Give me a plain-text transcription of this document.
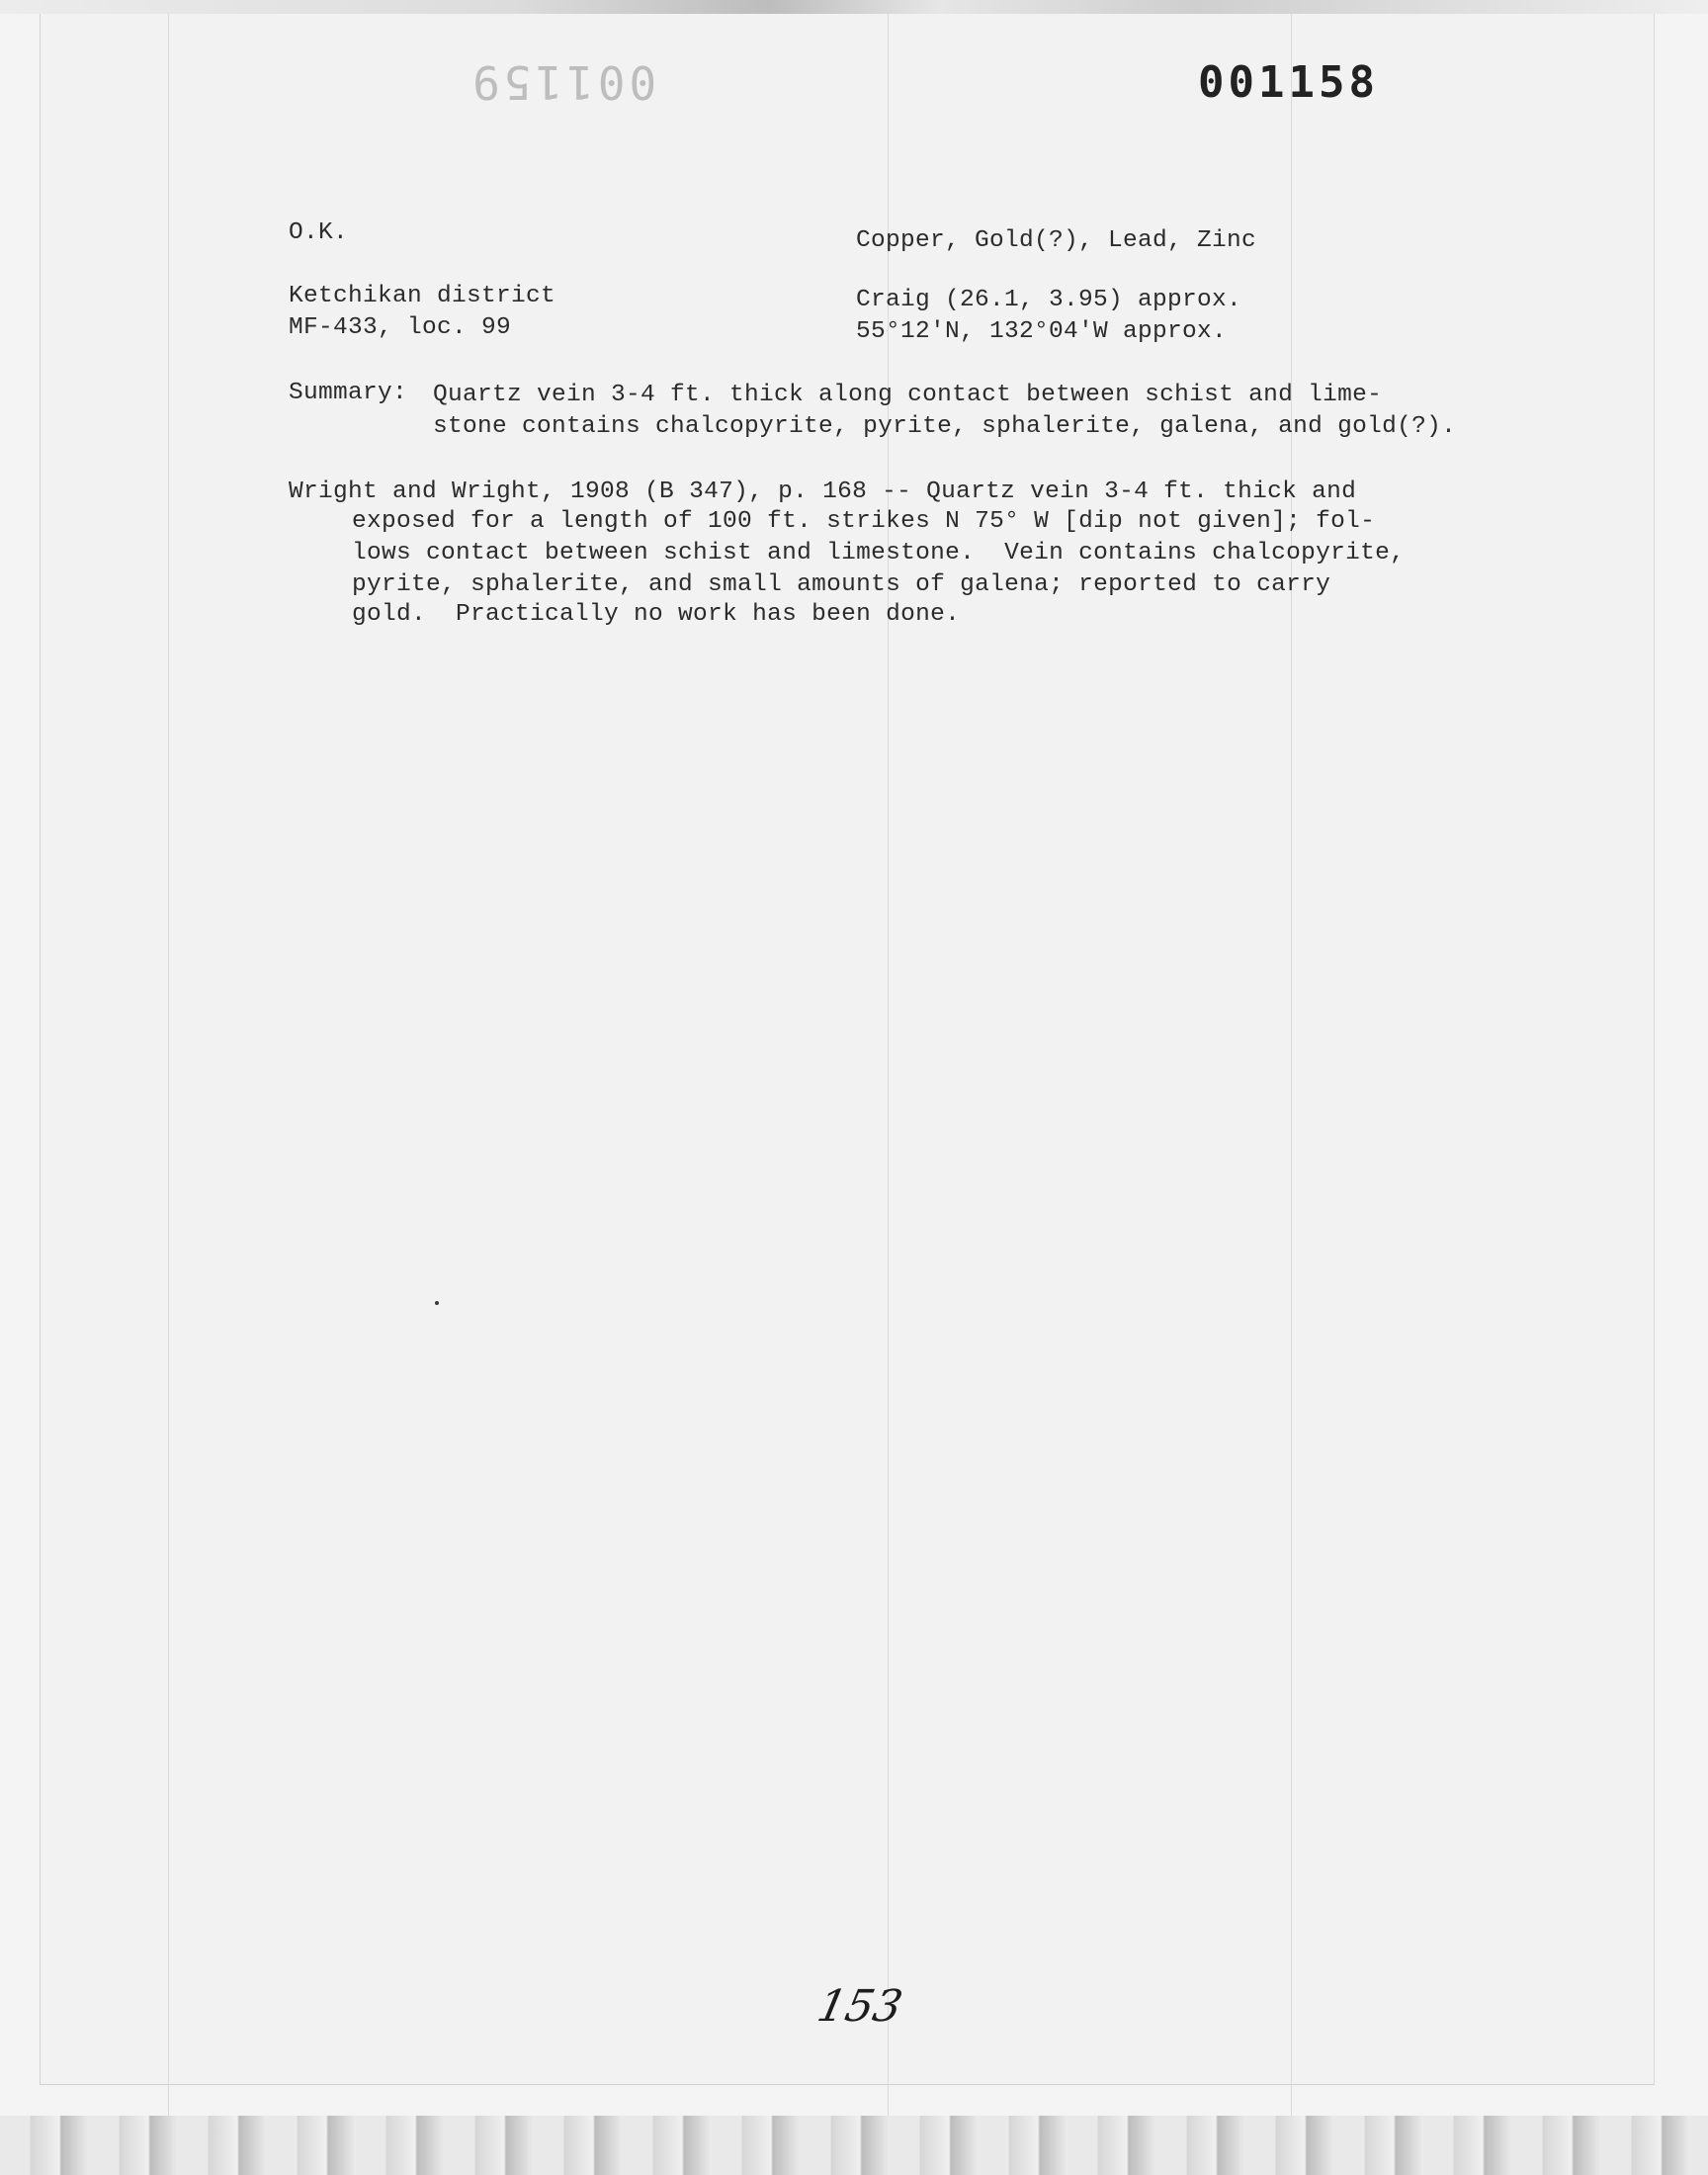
001159	001158
O.K.	Copper, Gold(?), Lead, Zinc
Ketchikan district	Craig (26.1, 3.95) approx.
MF-433, loc. 99	55°12'N, 132°04'W approx.
Summary: Quartz vein 3-4 ft. thick along contact between schist and lime-
stone contains chalcopyrite, pyrite, sphalerite, galena, and gold(?).
Wright and Wright, 1908 (B 347), p. 168 -- Quartz vein 3-4 ft. thick and
exposed for a length of 100 ft. strikes N 75° W [dip not given]; fol-
lows contact between schist and limestone.  Vein contains chalcopyrite,
pyrite, sphalerite, and small amounts of galena; reported to carry
gold.  Practically no work has been done.
153
